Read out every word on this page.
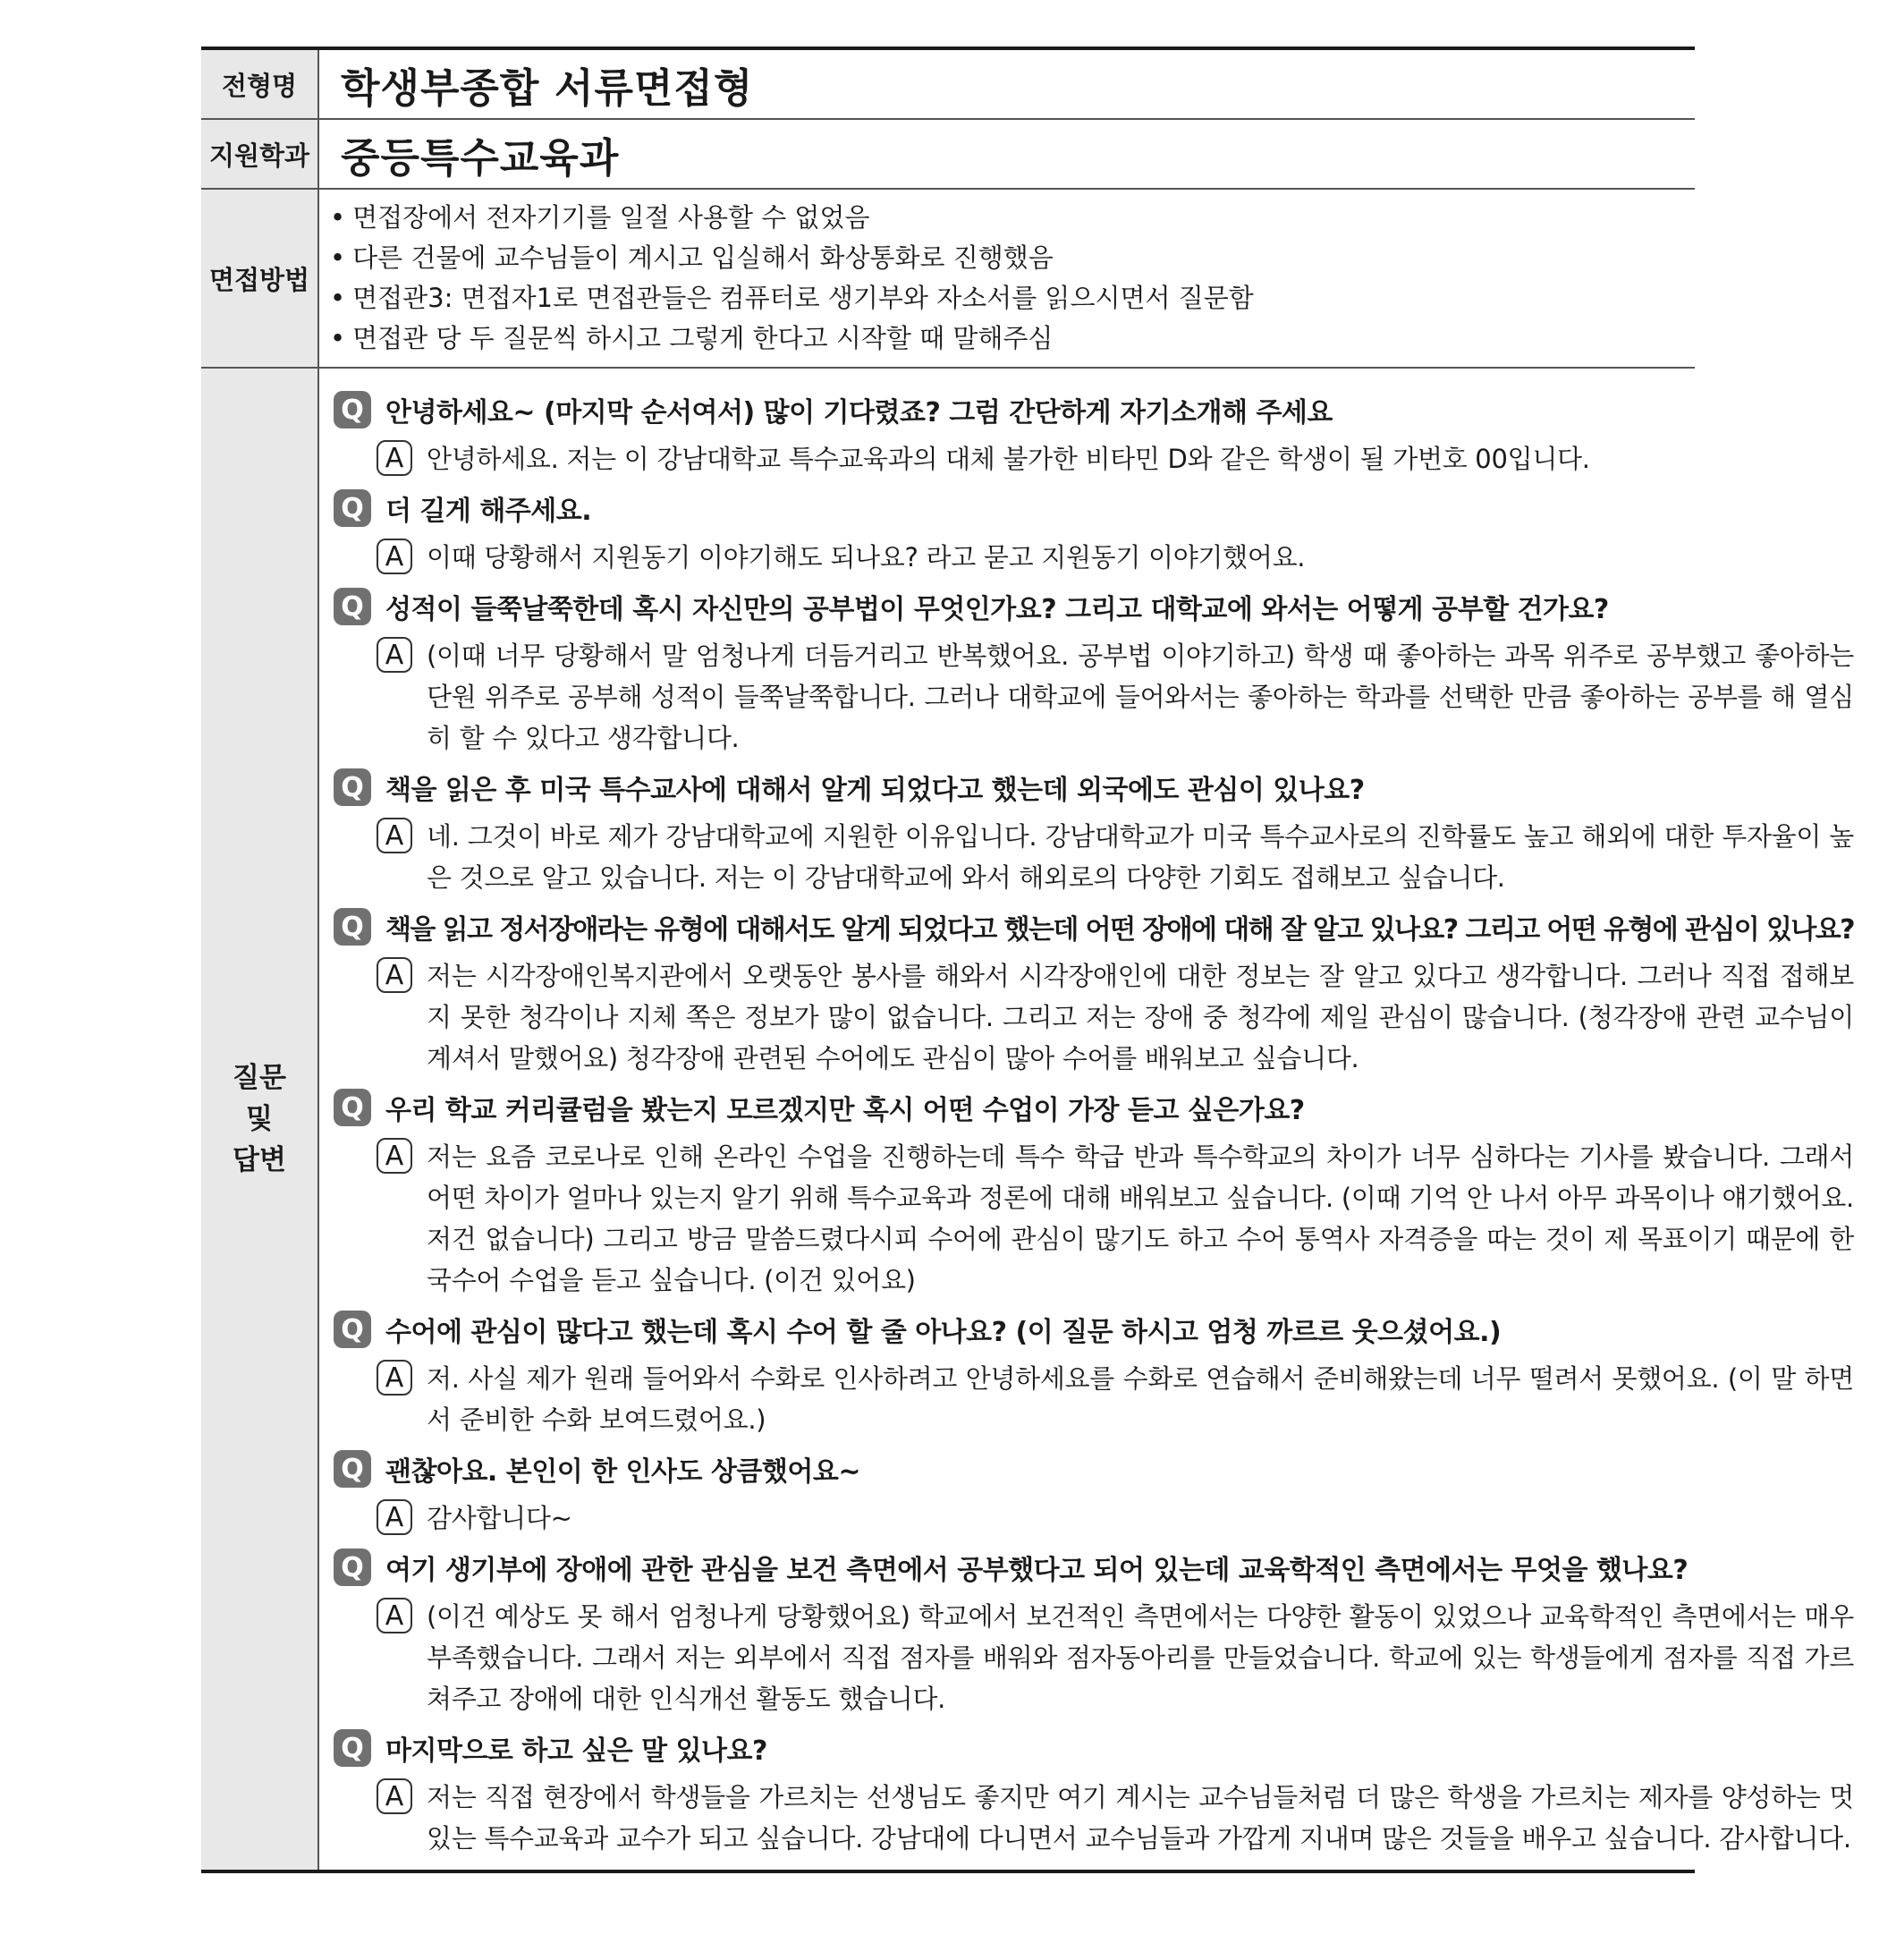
전형명	학생부종합 서류면접형
지원학과 중등특수교육과
면접방법
• 면접장에서 전자기기를 일절 사용할 수 없었음
• 다른 건물에 교수님들이 계시고 입실해서 화상통화로 진행했음
• 면접관3: 면접자1로 면접관들은 컴퓨터로 생기부와 자소서를 읽으시면서 질문함
• 면접관 당 두 질문씩 하시고 그렇게 한다고 시작할 때 말해주심
질문
및
답변
Q 안녕하세요~ (마지막 순서여서) 많이 기다렸죠? 그럼 간단하게 자기소개해 주세요
A 안녕하세요. 저는 이 강남대학교 특수교육과의 대체 불가한 비타민 D와 같은 학생이 될 가번호 00입니다.
Q 더 길게 해주세요.
A 이때 당황해서 지원동기 이야기해도 되나요? 라고 묻고 지원동기 이야기했어요.
Q 성적이 들쭉날쭉한데 혹시 자신만의 공부법이 무엇인가요? 그리고 대학교에 와서는 어떻게 공부할 건가요?
A (이때 너무 당황해서 말 엄청나게 더듬거리고 반복했어요. 공부법 이야기하고) 학생 때 좋아하는 과목 위주로 공부했고 좋아하는 단원 위주로 공부해 성적이 들쭉날쭉합니다. 그러나 대학교에 들어와서는 좋아하는 학과를 선택한 만큼 좋아하는 공부를 해 열심히 할 수 있다고 생각합니다.
Q 책을 읽은 후 미국 특수교사에 대해서 알게 되었다고 했는데 외국에도 관심이 있나요?
A 네. 그것이 바로 제가 강남대학교에 지원한 이유입니다. 강남대학교가 미국 특수교사로의 진학률도 높고 해외에 대한 투자율이 높은 것으로 알고 있습니다. 저는 이 강남대학교에 와서 해외로의 다양한 기회도 접해보고 싶습니다.
Q 책을 읽고 정서장애라는 유형에 대해서도 알게 되었다고 했는데 어떤 장애에 대해 잘 알고 있나요? 그리고 어떤 유형에 관심이 있나요?
A 저는 시각장애인복지관에서 오랫동안 봉사를 해와서 시각장애인에 대한 정보는 잘 알고 있다고 생각합니다. 그러나 직접 접해보지 못한 청각이나 지체 쪽은 정보가 많이 없습니다. 그리고 저는 장애 중 청각에 제일 관심이 많습니다. (청각장애 관련 교수님이 계셔서 말했어요) 청각장애 관련된 수어에도 관심이 많아 수어를 배워보고 싶습니다.
Q 우리 학교 커리큘럼을 봤는지 모르겠지만 혹시 어떤 수업이 가장 듣고 싶은가요?
A 저는 요즘 코로나로 인해 온라인 수업을 진행하는데 특수 학급 반과 특수학교의 차이가 너무 심하다는 기사를 봤습니다. 그래서 어떤 차이가 얼마나 있는지 알기 위해 특수교육과 정론에 대해 배워보고 싶습니다. (이때 기억 안 나서 아무 과목이나 얘기했어요. 저건 없습니다) 그리고 방금 말씀드렸다시피 수어에 관심이 많기도 하고 수어 통역사 자격증을 따는 것이 제 목표이기 때문에 한국수어 수업을 듣고 싶습니다. (이건 있어요)
Q 수어에 관심이 많다고 했는데 혹시 수어 할 줄 아나요? (이 질문 하시고 엄청 까르르 웃으셨어요.)
A 저. 사실 제가 원래 들어와서 수화로 인사하려고 안녕하세요를 수화로 연습해서 준비해왔는데 너무 떨려서 못했어요. (이 말 하면서 준비한 수화 보여드렸어요.)
Q 괜찮아요. 본인이 한 인사도 상큼했어요~
A 감사합니다~
Q 여기 생기부에 장애에 관한 관심을 보건 측면에서 공부했다고 되어 있는데 교육학적인 측면에서는 무엇을 했나요?
A (이건 예상도 못 해서 엄청나게 당황했어요) 학교에서 보건적인 측면에서는 다양한 활동이 있었으나 교육학적인 측면에서는 매우 부족했습니다. 그래서 저는 외부에서 직접 점자를 배워와 점자동아리를 만들었습니다. 학교에 있는 학생들에게 점자를 직접 가르쳐주고 장애에 대한 인식개선 활동도 했습니다.
Q 마지막으로 하고 싶은 말 있나요?
A 저는 직접 현장에서 학생들을 가르치는 선생님도 좋지만 여기 계시는 교수님들처럼 더 많은 학생을 가르치는 제자를 양성하는 멋있는 특수교육과 교수가 되고 싶습니다. 강남대에 다니면서 교수님들과 가깝게 지내며 많은 것들을 배우고 싶습니다. 감사합니다.
